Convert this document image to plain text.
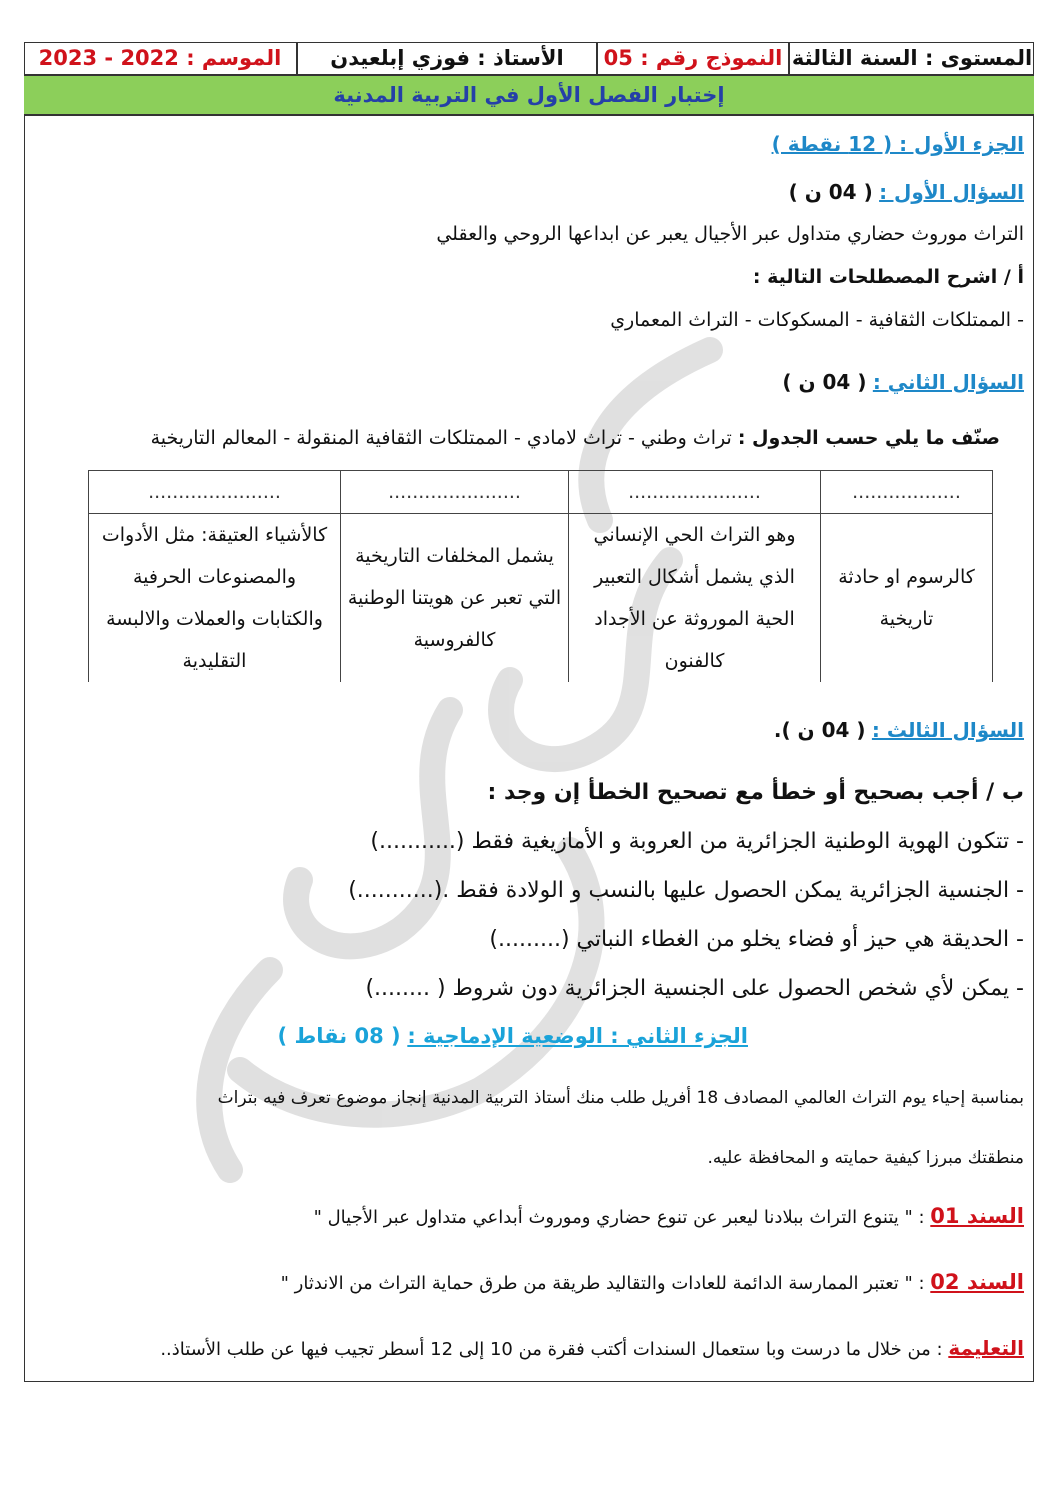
المستوى : السنة الثالثة
النموذج رقم : 05
الأستاذ : فوزي إبلعيدن
الموسم : 2022 - 2023
إختبار الفصل الأول في التربية المدنية
الجزء الأول : ( 12 نقطة )
السؤال الأول : ( 04 ن )
التراث موروث حضاري متداول عبر الأجيال يعبر عن ابداعها الروحي والعقلي
أ / اشرح المصطلحات التالية :
- الممتلكات الثقافية - المسكوكات - التراث المعماري
السؤال الثاني : ( 04 ن )
صنّف ما يلي حسب الجدول : تراث وطني - تراث لامادي - الممتلكات الثقافية المنقولة - المعالم التاريخية
..................	......................	......................	......................
كالرسوم او حادثة تاريخية	وهو التراث الحي الإنساني الذي يشمل أشكال التعبير الحية الموروثة عن الأجداد كالفنون	يشمل المخلفات التاريخية التي تعبر عن هويتنا الوطنية كالفروسية	كالأشياء العتيقة: مثل الأدوات والمصنوعات الحرفية والكتابات والعملات والالبسة التقليدية
السؤال الثالث : ( 04 ن ).
ب / أجب بصحيح أو خطأ مع تصحيح الخطأ إن وجد :
- تتكون الهوية الوطنية الجزائرية من العروبة و الأمازيغية فقط (...........)
- الجنسية الجزائرية يمكن الحصول عليها بالنسب و الولادة فقط .(...........)
- الحديقة هي حيز أو فضاء يخلو من الغطاء النباتي (.........)
- يمكن لأي شخص الحصول على الجنسية الجزائرية دون شروط ( ........)
الجزء الثاني : الوضعية الإدماجية : ( 08 نقاط )
بمناسبة إحياء يوم التراث العالمي المصادف 18 أفريل طلب منك أستاذ التربية المدنية إنجاز موضوع تعرف فيه بتراث
منطقتك مبرزا كيفية حمايته و المحافظة عليه.
السند 01 : " يتنوع التراث ببلادنا ليعبر عن تنوع حضاري وموروث أبداعي متداول عبر الأجيال "
السند 02 : " تعتبر الممارسة الدائمة للعادات والتقاليد طريقة من طرق حماية التراث من الاندثار "
التعليمة : من خلال ما درست وبا ستعمال السندات أكتب فقرة من 10 إلى 12 أسطر تجيب فيها عن طلب الأستاذ..
